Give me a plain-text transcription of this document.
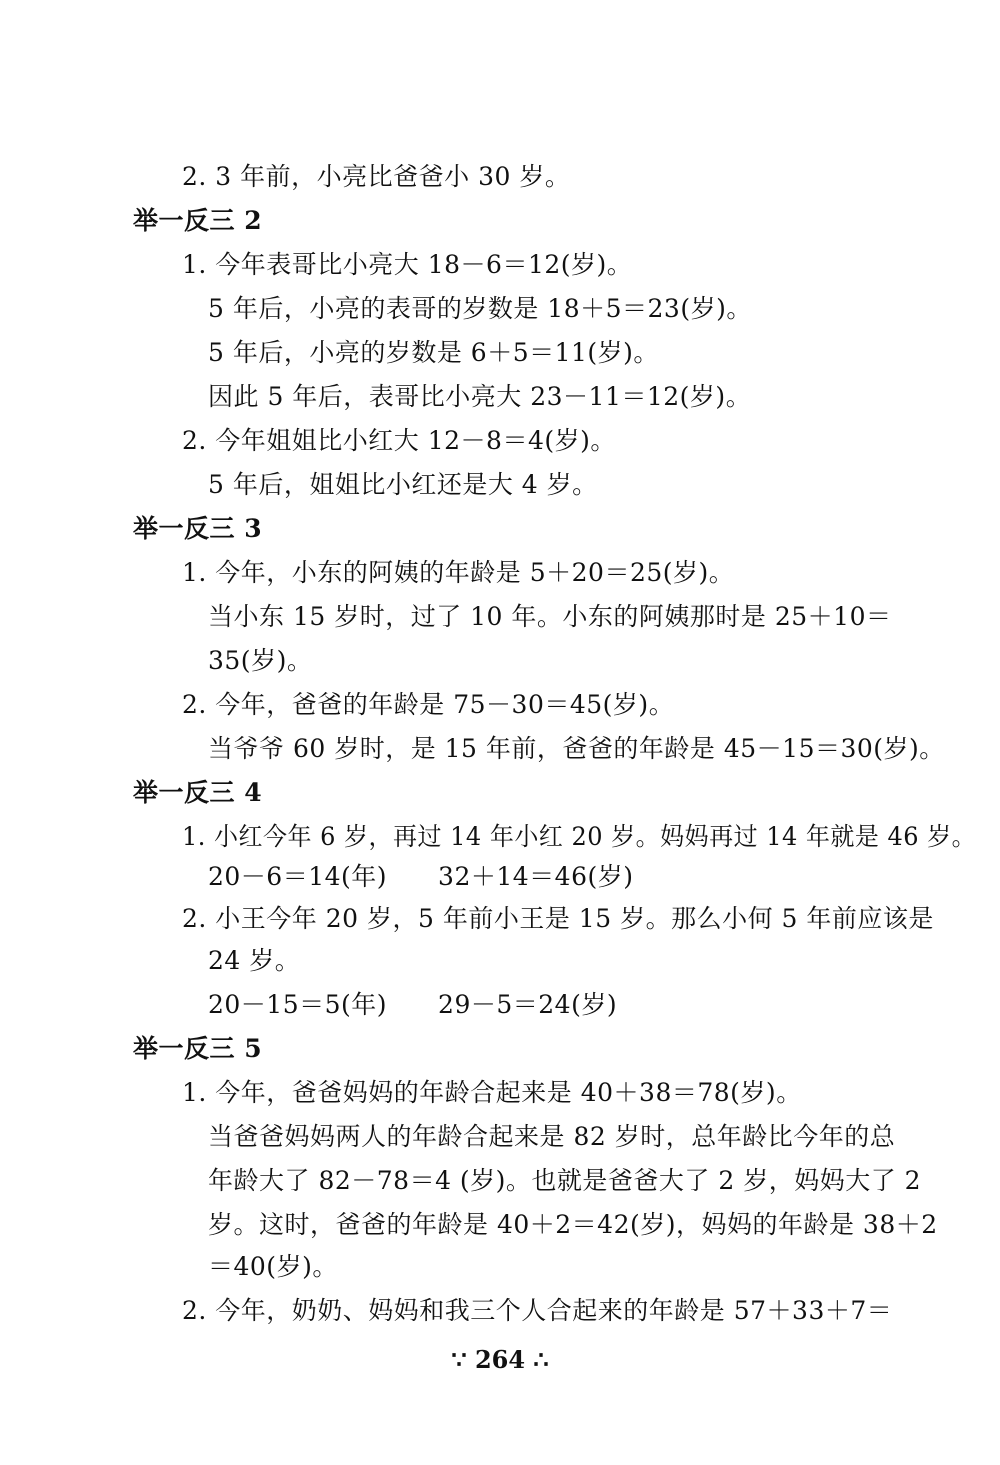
2. 3 年前，小亮比爸爸小 30 岁。
举一反三 2
1. 今年表哥比小亮大 18－6＝12(岁)。
5 年后，小亮的表哥的岁数是 18＋5＝23(岁)。
5 年后，小亮的岁数是 6＋5＝11(岁)。
因此 5 年后，表哥比小亮大 23－11＝12(岁)。
2. 今年姐姐比小红大 12－8＝4(岁)。
5 年后，姐姐比小红还是大 4 岁。
举一反三 3
1. 今年，小东的阿姨的年龄是 5＋20＝25(岁)。
当小东 15 岁时，过了 10 年。小东的阿姨那时是 25＋10＝
35(岁)。
2. 今年，爸爸的年龄是 75－30＝45(岁)。
当爷爷 60 岁时，是 15 年前，爸爸的年龄是 45－15＝30(岁)。
举一反三 4
1. 小红今年 6 岁，再过 14 年小红 20 岁。妈妈再过 14 年就是 46 岁。
20－6＝14(年)　　32＋14＝46(岁)
2. 小王今年 20 岁，5 年前小王是 15 岁。那么小何 5 年前应该是
24 岁。
20－15＝5(年)　　29－5＝24(岁)
举一反三 5
1. 今年，爸爸妈妈的年龄合起来是 40＋38＝78(岁)。
当爸爸妈妈两人的年龄合起来是 82 岁时，总年龄比今年的总
年龄大了 82－78＝4 (岁)。也就是爸爸大了 2 岁，妈妈大了 2
岁。这时，爸爸的年龄是 40＋2＝42(岁)，妈妈的年龄是 38＋2
＝40(岁)。
2. 今年，奶奶、妈妈和我三个人合起来的年龄是 57＋33＋7＝
∵ 264 ∴
